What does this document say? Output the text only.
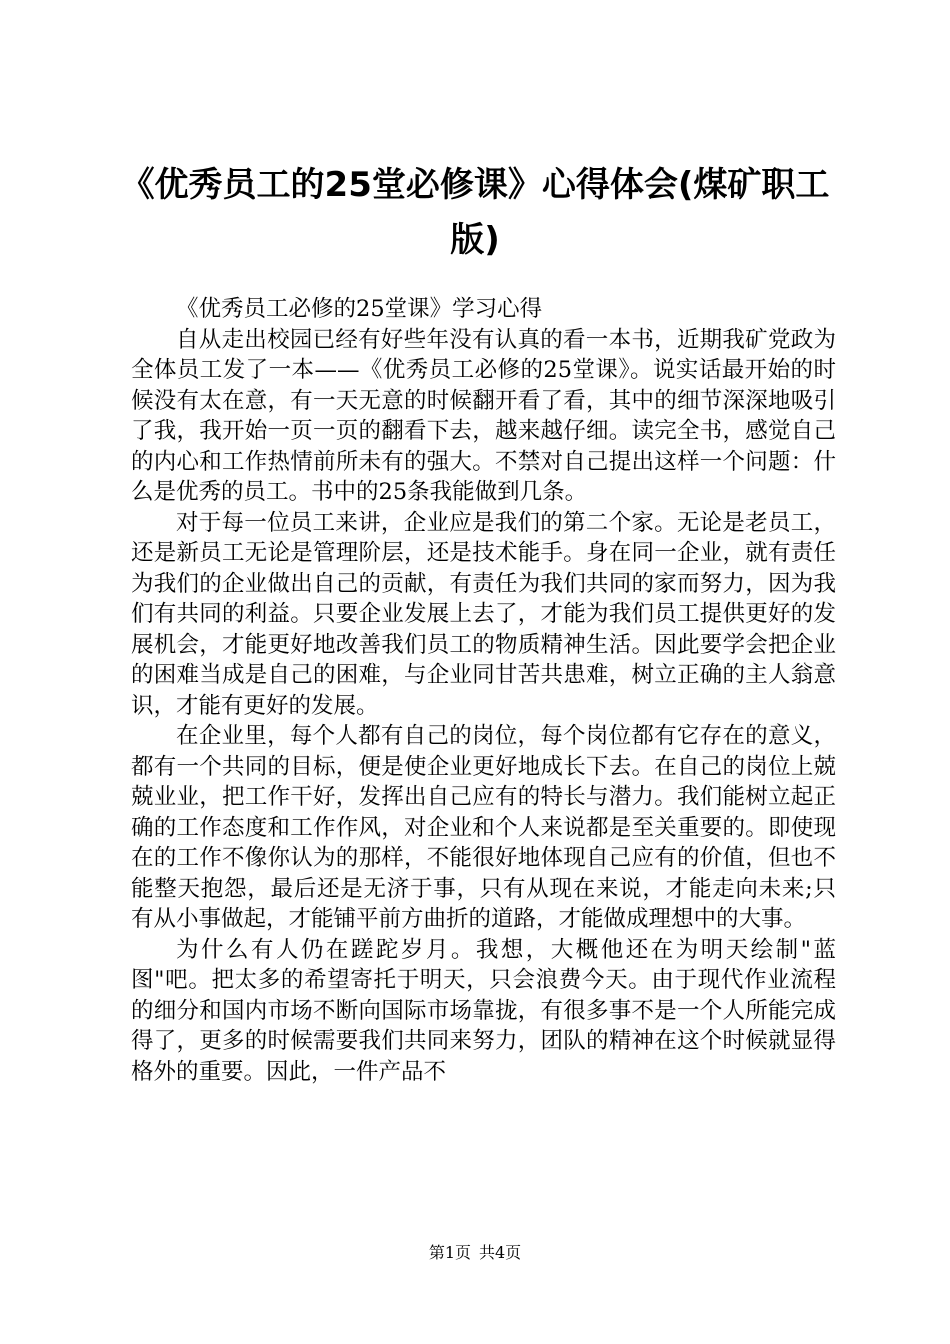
《优秀员工的25堂必修课》心得体会(煤矿职工版)

《优秀员工必修的25堂课》学习心得

自从走出校园已经有好些年没有认真的看一本书，近期我矿党政为全体员工发了一本——《优秀员工必修的25堂课》。说实话最开始的时候没有太在意，有一天无意的时候翻开看了看，其中的细节深深地吸引了我，我开始一页一页的翻看下去，越来越仔细。读完全书，感觉自己的内心和工作热情前所未有的强大。不禁对自己提出这样一个问题：什么是优秀的员工。书中的25条我能做到几条。

对于每一位员工来讲，企业应是我们的第二个家。无论是老员工，还是新员工无论是管理阶层，还是技术能手。身在同一企业，就有责任为我们的企业做出自己的贡献，有责任为我们共同的家而努力，因为我们有共同的利益。只要企业发展上去了，才能为我们员工提供更好的发展机会，才能更好地改善我们员工的物质精神生活。因此要学会把企业的困难当成是自己的困难，与企业同甘苦共患难，树立正确的主人翁意识，才能有更好的发展。

在企业里，每个人都有自己的岗位，每个岗位都有它存在的意义，都有一个共同的目标，便是使企业更好地成长下去。在自己的岗位上兢兢业业，把工作干好，发挥出自己应有的特长与潜力。我们能树立起正确的工作态度和工作作风，对企业和个人来说都是至关重要的。即使现在的工作不像你认为的那样，不能很好地体现自己应有的价值，但也不能整天抱怨，最后还是无济于事，只有从现在来说，才能走向未来;只有从小事做起，才能铺平前方曲折的道路，才能做成理想中的大事。

为什么有人仍在蹉跎岁月。我想，大概他还在为明天绘制"蓝图"吧。把太多的希望寄托于明天，只会浪费今天。由于现代作业流程的细分和国内市场不断向国际市场靠拢，有很多事不是一个人所能完成得了，更多的时候需要我们共同来努力，团队的精神在这个时候就显得格外的重要。因此，一件产品不

第1页 共4页
